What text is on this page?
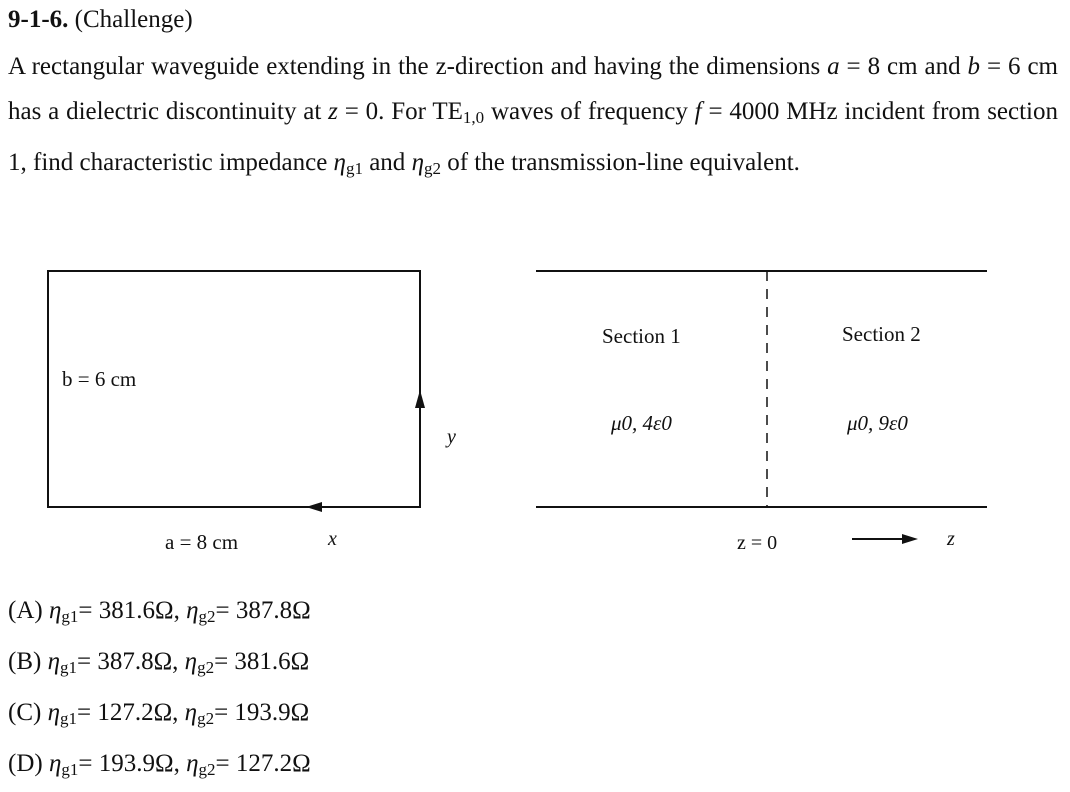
9-1-6. (Challenge)
A rectangular waveguide extending in the z-direction and having the dimensions a = 8 cm and b = 6 cm has a dielectric discontinuity at z = 0. For $TE_{1,0}$ waves of frequency f = 4000 MHz incident from section 1, find characteristic impedance $\eta_{g1}$ and $\eta_{g2}$ of the transmission-line equivalent.
b = 6 cm
a = 8 cm	x
y
Section 1	Section 2
μ0, 4ε0	μ0, 9ε0
z = 0	z
(A) ηg1= 381.6Ω, ηg2= 387.8Ω
(B) ηg1= 387.8Ω, ηg2= 381.6Ω
(C) ηg1= 127.2Ω, ηg2= 193.9Ω
(D) ηg1= 193.9Ω, ηg2= 127.2Ω
